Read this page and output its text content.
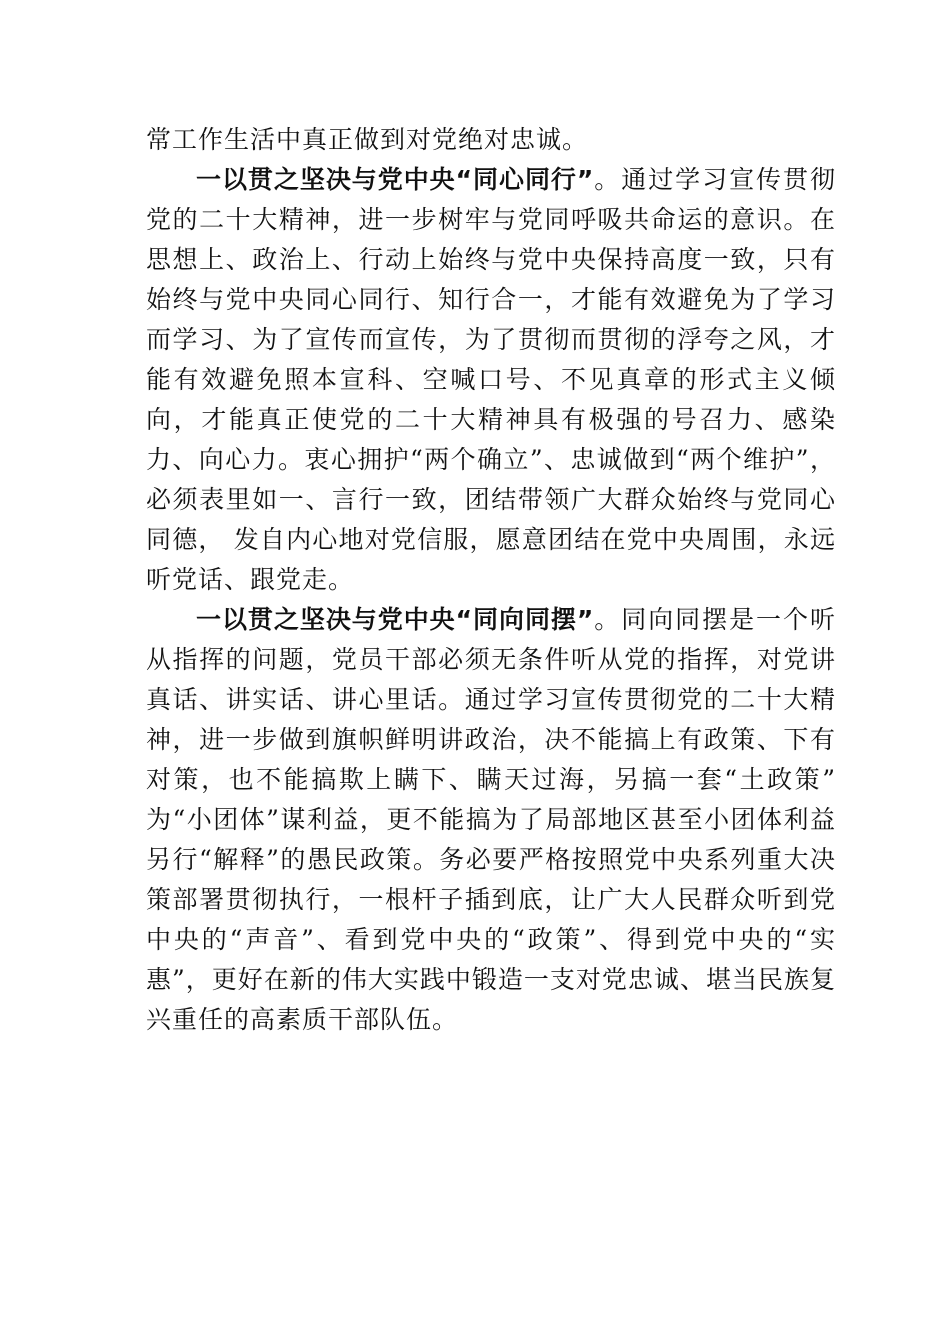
常工作生活中真正做到对党绝对忠诚。

一以贯之坚决与党中央“同心同行”。通过学习宣传贯彻党的二十大精神，进一步树牢与党同呼吸共命运的意识。在思想上、政治上、行动上始终与党中央保持高度一致，只有始终与党中央同心同行、知行合一，才能有效避免为了学习而学习、为了宣传而宣传，为了贯彻而贯彻的浮夸之风，才能有效避免照本宣科、空喊口号、不见真章的形式主义倾向，才能真正使党的二十大精神具有极强的号召力、感染力、向心力。衷心拥护“两个确立”、忠诚做到“两个维护”，必须表里如一、言行一致，团结带领广大群众始终与党同心同德， 发自内心地对党信服，愿意团结在党中央周围，永远听党话、跟党走。

一以贯之坚决与党中央“同向同摆”。同向同摆是一个听从指挥的问题，党员干部必须无条件听从党的指挥，对党讲真话、讲实话、讲心里话。通过学习宣传贯彻党的二十大精神，进一步做到旗帜鲜明讲政治，决不能搞上有政策、下有对策，也不能搞欺上瞒下、瞒天过海，另搞一套“土政策” 为“小团体”谋利益，更不能搞为了局部地区甚至小团体利益另行“解释”的愚民政策。务必要严格按照党中央系列重大决策部署贯彻执行，一根杆子插到底，让广大人民群众听到党中央的“声音”、看到党中央的“政策”、得到党中央的“实惠”，更好在新的伟大实践中锻造一支对党忠诚、堪当民族复兴重任的高素质干部队伍。
